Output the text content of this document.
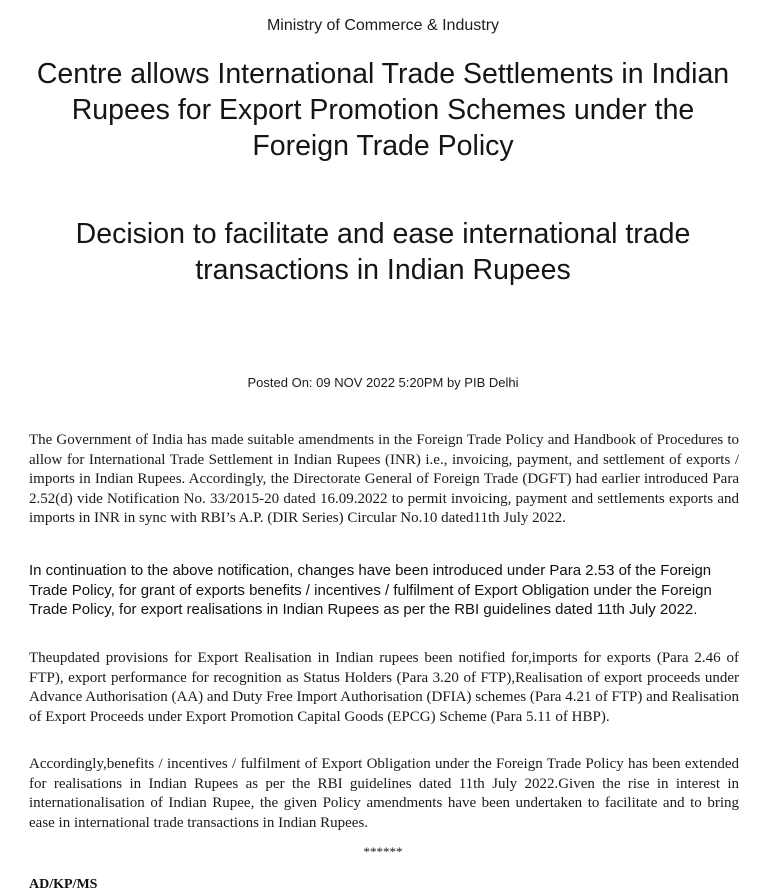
Ministry of Commerce & Industry
Centre allows International Trade Settlements in Indian Rupees for Export Promotion Schemes under the Foreign Trade Policy
Decision to facilitate and ease international trade transactions in Indian Rupees
Posted On: 09 NOV 2022 5:20PM by PIB Delhi

The Government of India has made suitable amendments in the Foreign Trade Policy and Handbook of Procedures to allow for International Trade Settlement in Indian Rupees (INR) i.e., invoicing, payment, and settlement of exports / imports in Indian Rupees. Accordingly, the Directorate General of Foreign Trade (DGFT) had earlier introduced Para 2.52(d) vide Notification No. 33/2015-20 dated 16.09.2022 to permit invoicing, payment and settlements exports and imports in INR in sync with RBI’s A.P. (DIR Series) Circular No.10 dated11th July 2022.

In continuation to the above notification, changes have been introduced under Para 2.53 of the Foreign Trade Policy, for grant of exports benefits / incentives / fulfilment of Export Obligation under the Foreign Trade Policy, for export realisations in Indian Rupees as per the RBI guidelines dated 11th July 2022.

Theupdated provisions for Export Realisation in Indian rupees been notified for,imports for exports (Para 2.46 of FTP), export performance for recognition as Status Holders (Para 3.20 of FTP),Realisation of export proceeds under Advance Authorisation (AA) and Duty Free Import Authorisation (DFIA) schemes (Para 4.21 of FTP) and Realisation of Export Proceeds under Export Promotion Capital Goods (EPCG) Scheme (Para 5.11 of HBP).

Accordingly,benefits / incentives / fulfilment of Export Obligation under the Foreign Trade Policy has been extended for realisations in Indian Rupees as per the RBI guidelines dated 11th July 2022.Given the rise in interest in internationalisation of Indian Rupee, the given Policy amendments have been undertaken to facilitate and to bring ease in international trade transactions in Indian Rupees.

******
AD/KP/MS
